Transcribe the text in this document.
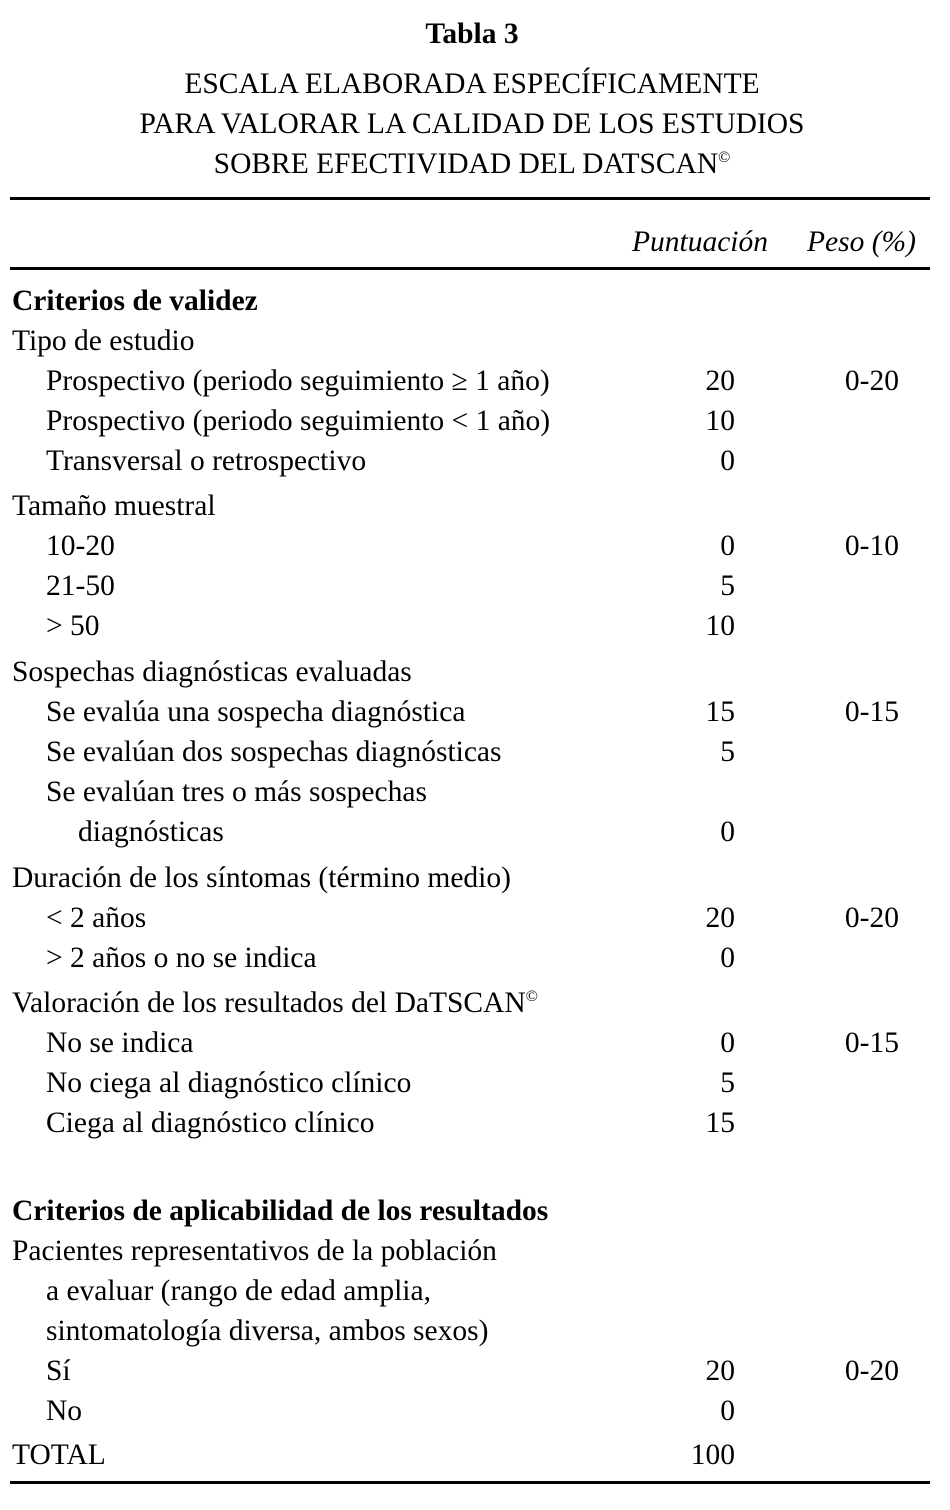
Tabla 3
ESCALA ELABORADA ESPECÍFICAMENTE
PARA VALORAR LA CALIDAD DE LOS ESTUDIOS
SOBRE EFECTIVIDAD DEL DATSCAN©
Puntuación Peso (%)
Criterios de validez
Tipo de estudio
Prospectivo (periodo seguimiento ≥ 1 año)	20	0-20
Prospectivo (periodo seguimiento < 1 año)	10
Transversal o retrospectivo	0
Tamaño muestral
10-20	0	0-10
21-50	5
> 50	10
Sospechas diagnósticas evaluadas
Se evalúa una sospecha diagnóstica	15	0-15
Se evalúan dos sospechas diagnósticas	5
Se evalúan tres o más sospechas
diagnósticas	0
Duración de los síntomas (término medio)
< 2 años	20	0-20
> 2 años o no se indica	0
Valoración de los resultados del DaTSCAN©
No se indica	0	0-15
No ciega al diagnóstico clínico	5
Ciega al diagnóstico clínico	15
Criterios de aplicabilidad de los resultados
Pacientes representativos de la población
a evaluar (rango de edad amplia,
sintomatología diversa, ambos sexos)
Sí	20	0-20
No	0
TOTAL	100
